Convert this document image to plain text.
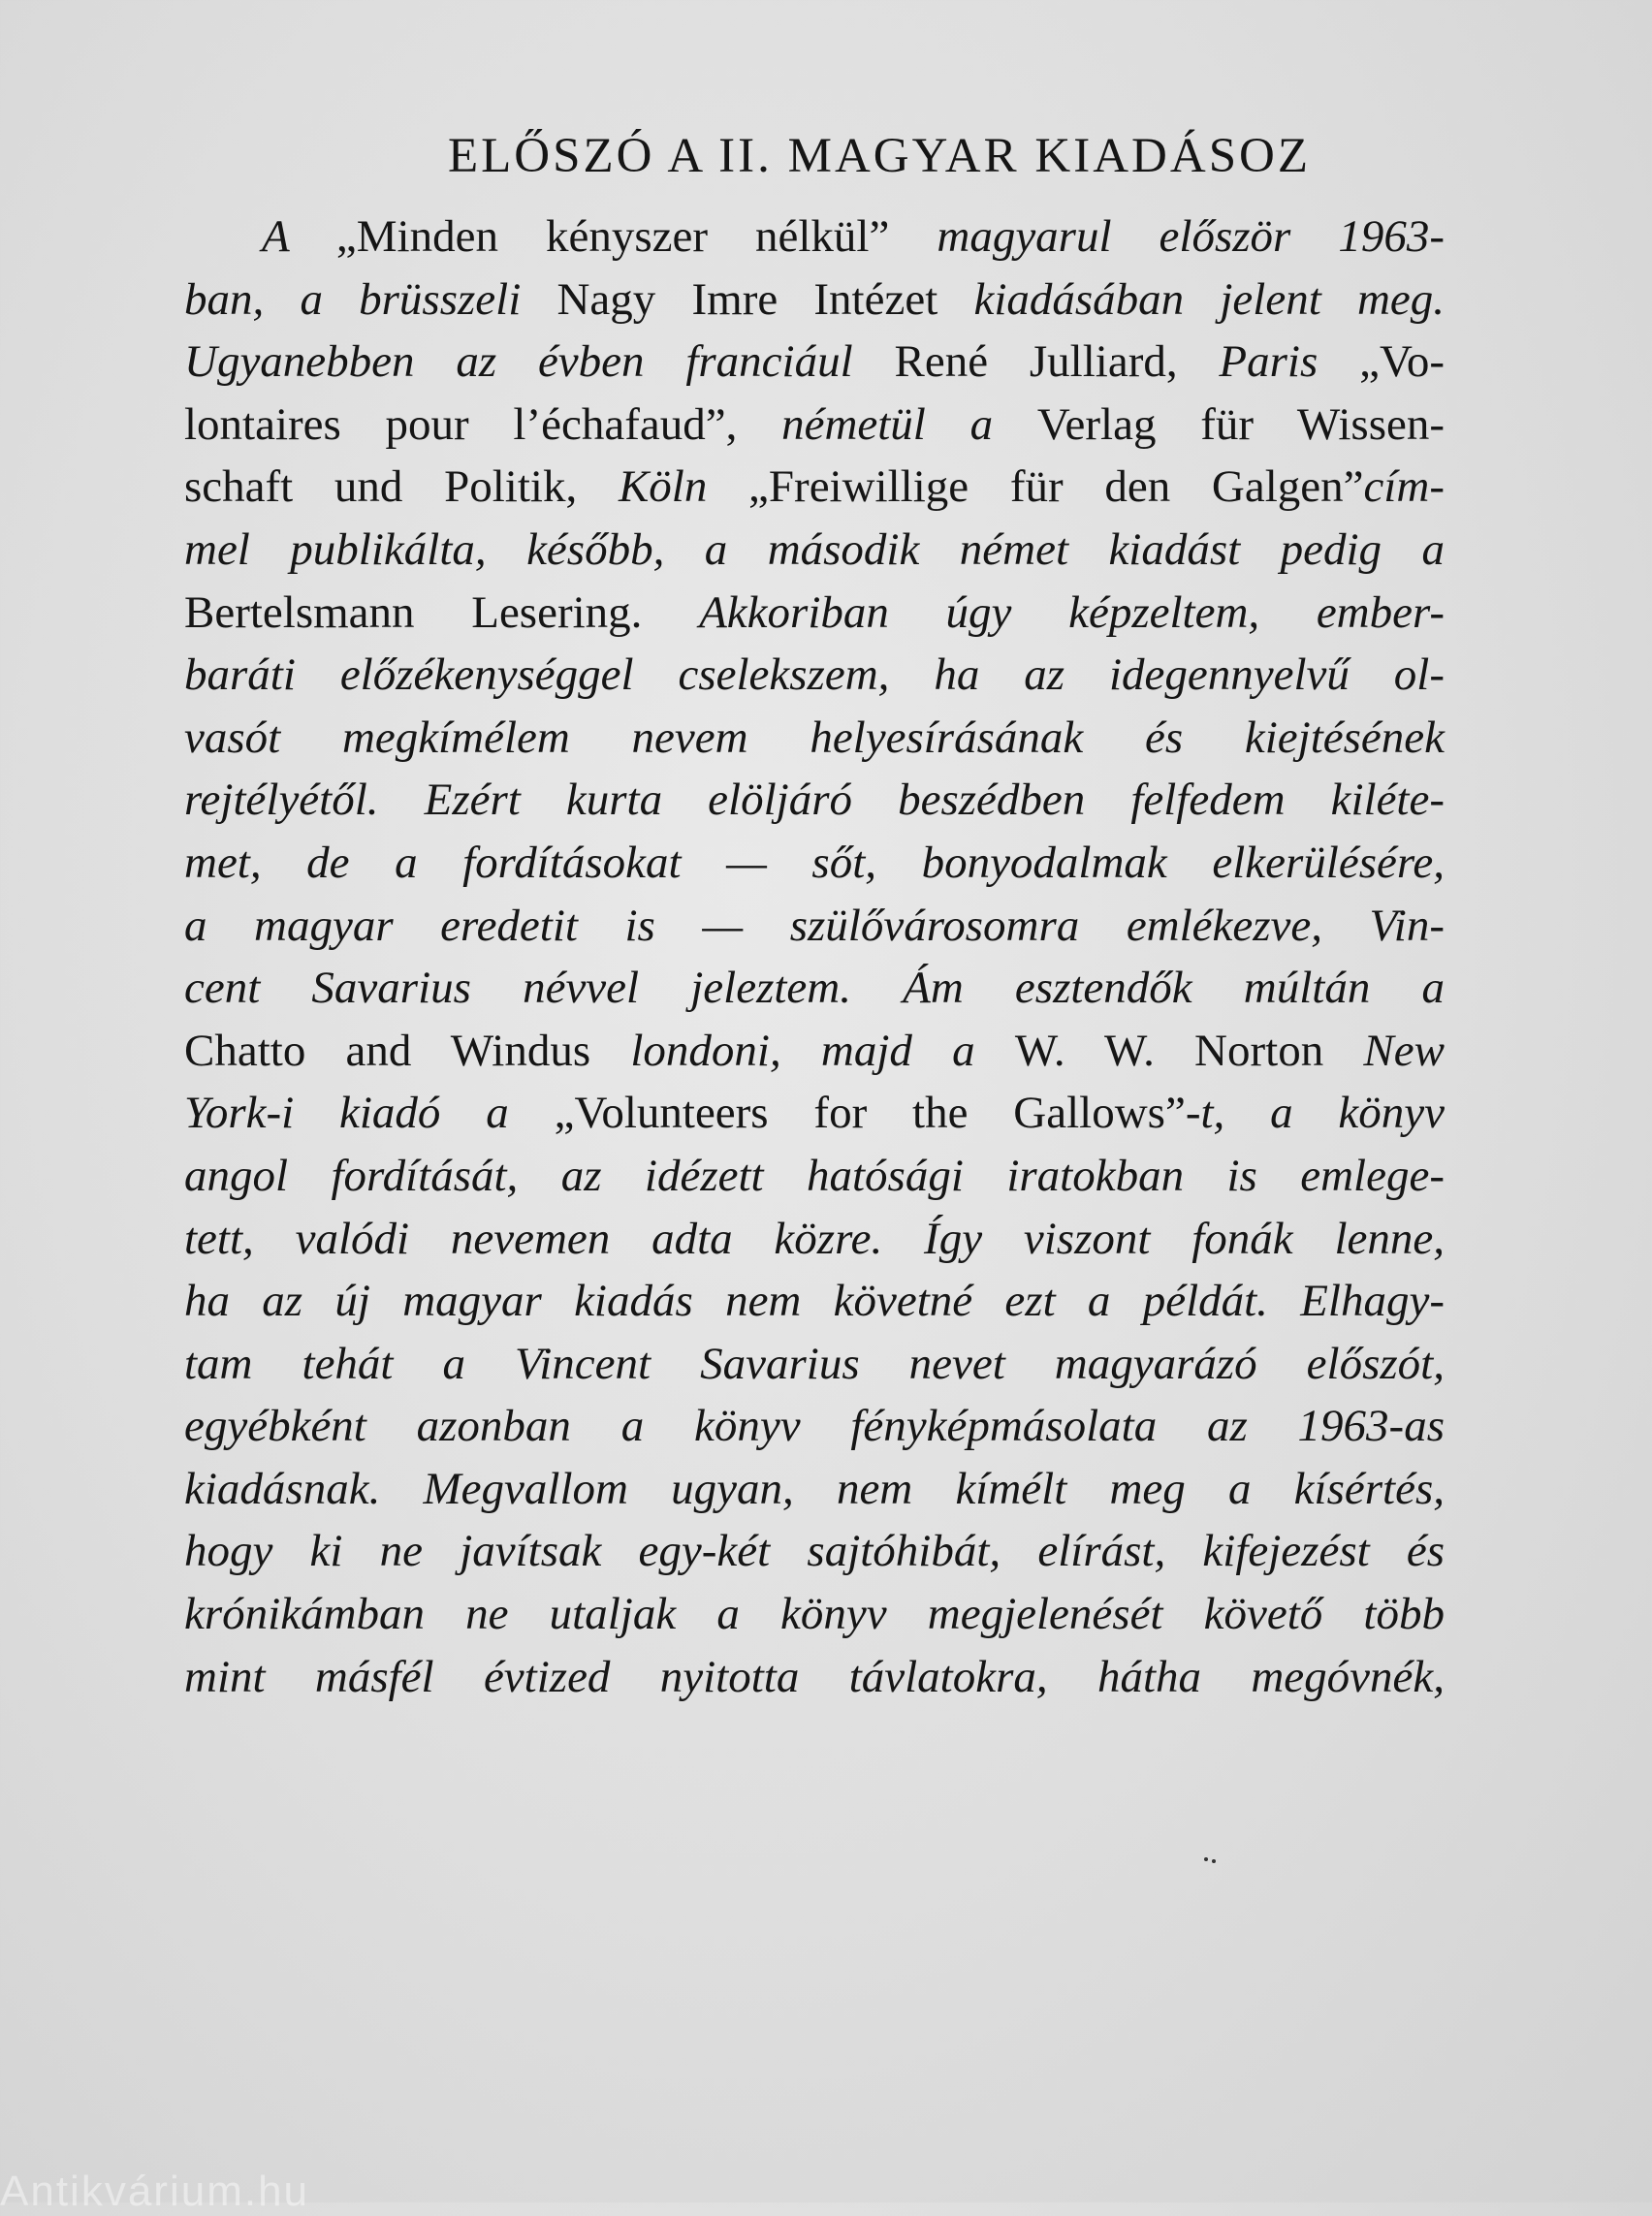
ELŐSZÓ A II. MAGYAR KIADÁSOZ
A „Minden kényszer nélkül” magyarul először 1963-
ban, a brüsszeli Nagy Imre Intézet kiadásában jelent meg.
Ugyanebben az évben franciául René Julliard, Paris „Vo-
lontaires pour l’échafaud”, németül a Verlag für Wissen-
schaft und Politik, Köln „Freiwillige für den Galgen”cím-
mel publikálta, később, a második német kiadást pedig a
Bertelsmann Lesering. Akkoriban úgy képzeltem, ember-
baráti előzékenységgel cselekszem, ha az idegennyelvű ol-
vasót megkímélem nevem helyesírásának és kiejtésének
rejtélyétől. Ezért kurta elöljáró beszédben felfedem kiléte-
met, de a fordításokat — sőt, bonyodalmak elkerülésére,
a magyar eredetit is — szülővárosomra emlékezve, Vin-
cent Savarius névvel jeleztem. Ám esztendők múltán a
Chatto and Windus londoni, majd a W. W. Norton New
York-i kiadó a „Volunteers for the Gallows”-t, a könyv
angol fordítását, az idézett hatósági iratokban is emlege-
tett, valódi nevemen adta közre. Így viszont fonák lenne,
ha az új magyar kiadás nem követné ezt a példát. Elhagy-
tam tehát a Vincent Savarius nevet magyarázó előszót,
egyébként azonban a könyv fényképmásolata az 1963-as
kiadásnak. Megvallom ugyan, nem kímélt meg a kísértés,
hogy ki ne javítsak egy-két sajtóhibát, elírást, kifejezést és
krónikámban ne utaljak a könyv megjelenését követő több
mint másfél évtized nyitotta távlatokra, hátha megóvnék,
Antikvárium.hu
